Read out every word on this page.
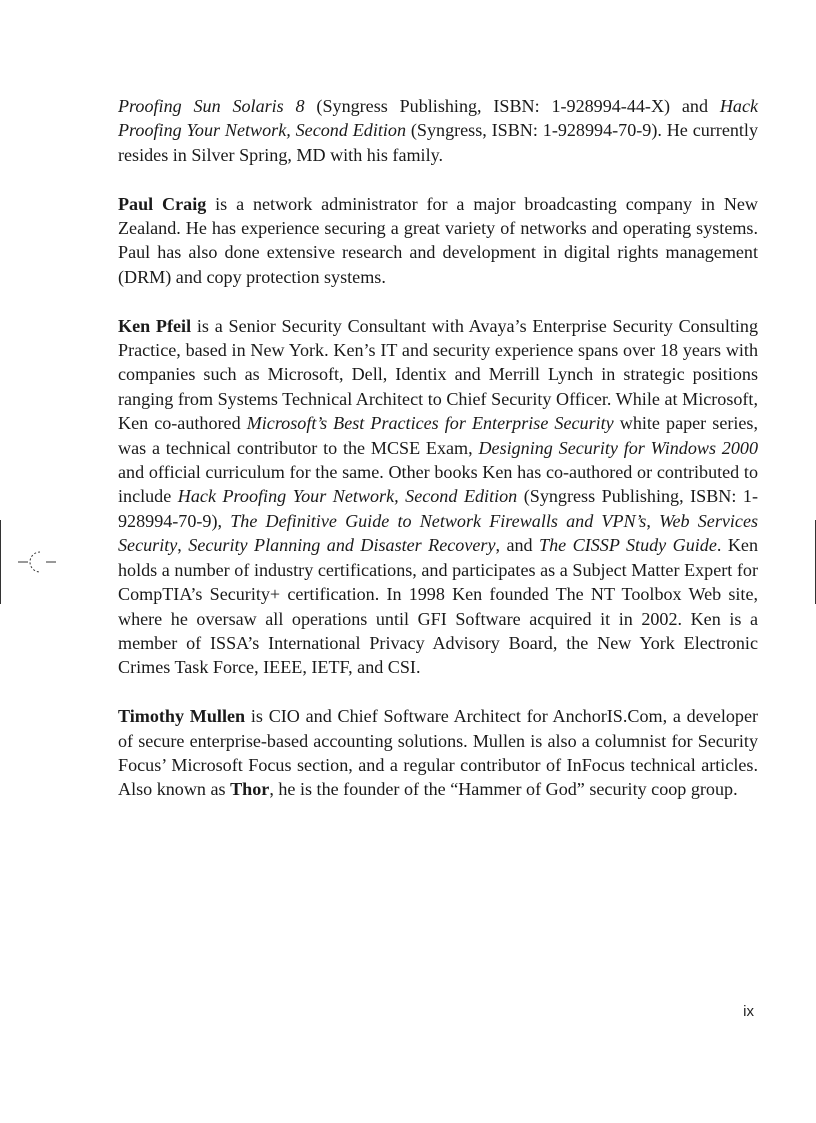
Proofing Sun Solaris 8 (Syngress Publishing, ISBN: 1-928994-44-X) and Hack Proofing Your Network, Second Edition (Syngress, ISBN: 1-928994-70-9). He currently resides in Silver Spring, MD with his family.

Paul Craig is a network administrator for a major broadcasting company in New Zealand. He has experience securing a great variety of networks and operating systems. Paul has also done extensive research and development in digital rights management (DRM) and copy protection systems.

Ken Pfeil is a Senior Security Consultant with Avaya’s Enterprise Security Consulting Practice, based in New York. Ken’s IT and security experience spans over 18 years with companies such as Microsoft, Dell, Identix and Merrill Lynch in strategic positions ranging from Systems Technical Architect to Chief Security Officer. While at Microsoft, Ken co-authored Microsoft’s Best Practices for Enterprise Security white paper series, was a technical contributor to the MCSE Exam, Designing Security for Windows 2000 and official curriculum for the same. Other books Ken has co-authored or contributed to include Hack Proofing Your Network, Second Edition (Syngress Publishing, ISBN: 1-928994-70-9), The Definitive Guide to Network Firewalls and VPN’s, Web Services Security, Security Planning and Disaster Recovery, and The CISSP Study Guide. Ken holds a number of industry certifications, and participates as a Subject Matter Expert for CompTIA’s Security+ certification. In 1998 Ken founded The NT Toolbox Web site, where he oversaw all operations until GFI Software acquired it in 2002. Ken is a member of ISSA’s International Privacy Advisory Board, the New York Electronic Crimes Task Force, IEEE, IETF, and CSI.

Timothy Mullen is CIO and Chief Software Architect for AnchorIS.Com, a developer of secure enterprise-based accounting solutions. Mullen is also a columnist for Security Focus’ Microsoft Focus section, and a regular contributor of InFocus technical articles. Also known as Thor, he is the founder of the “Hammer of God” security coop group.

ix
